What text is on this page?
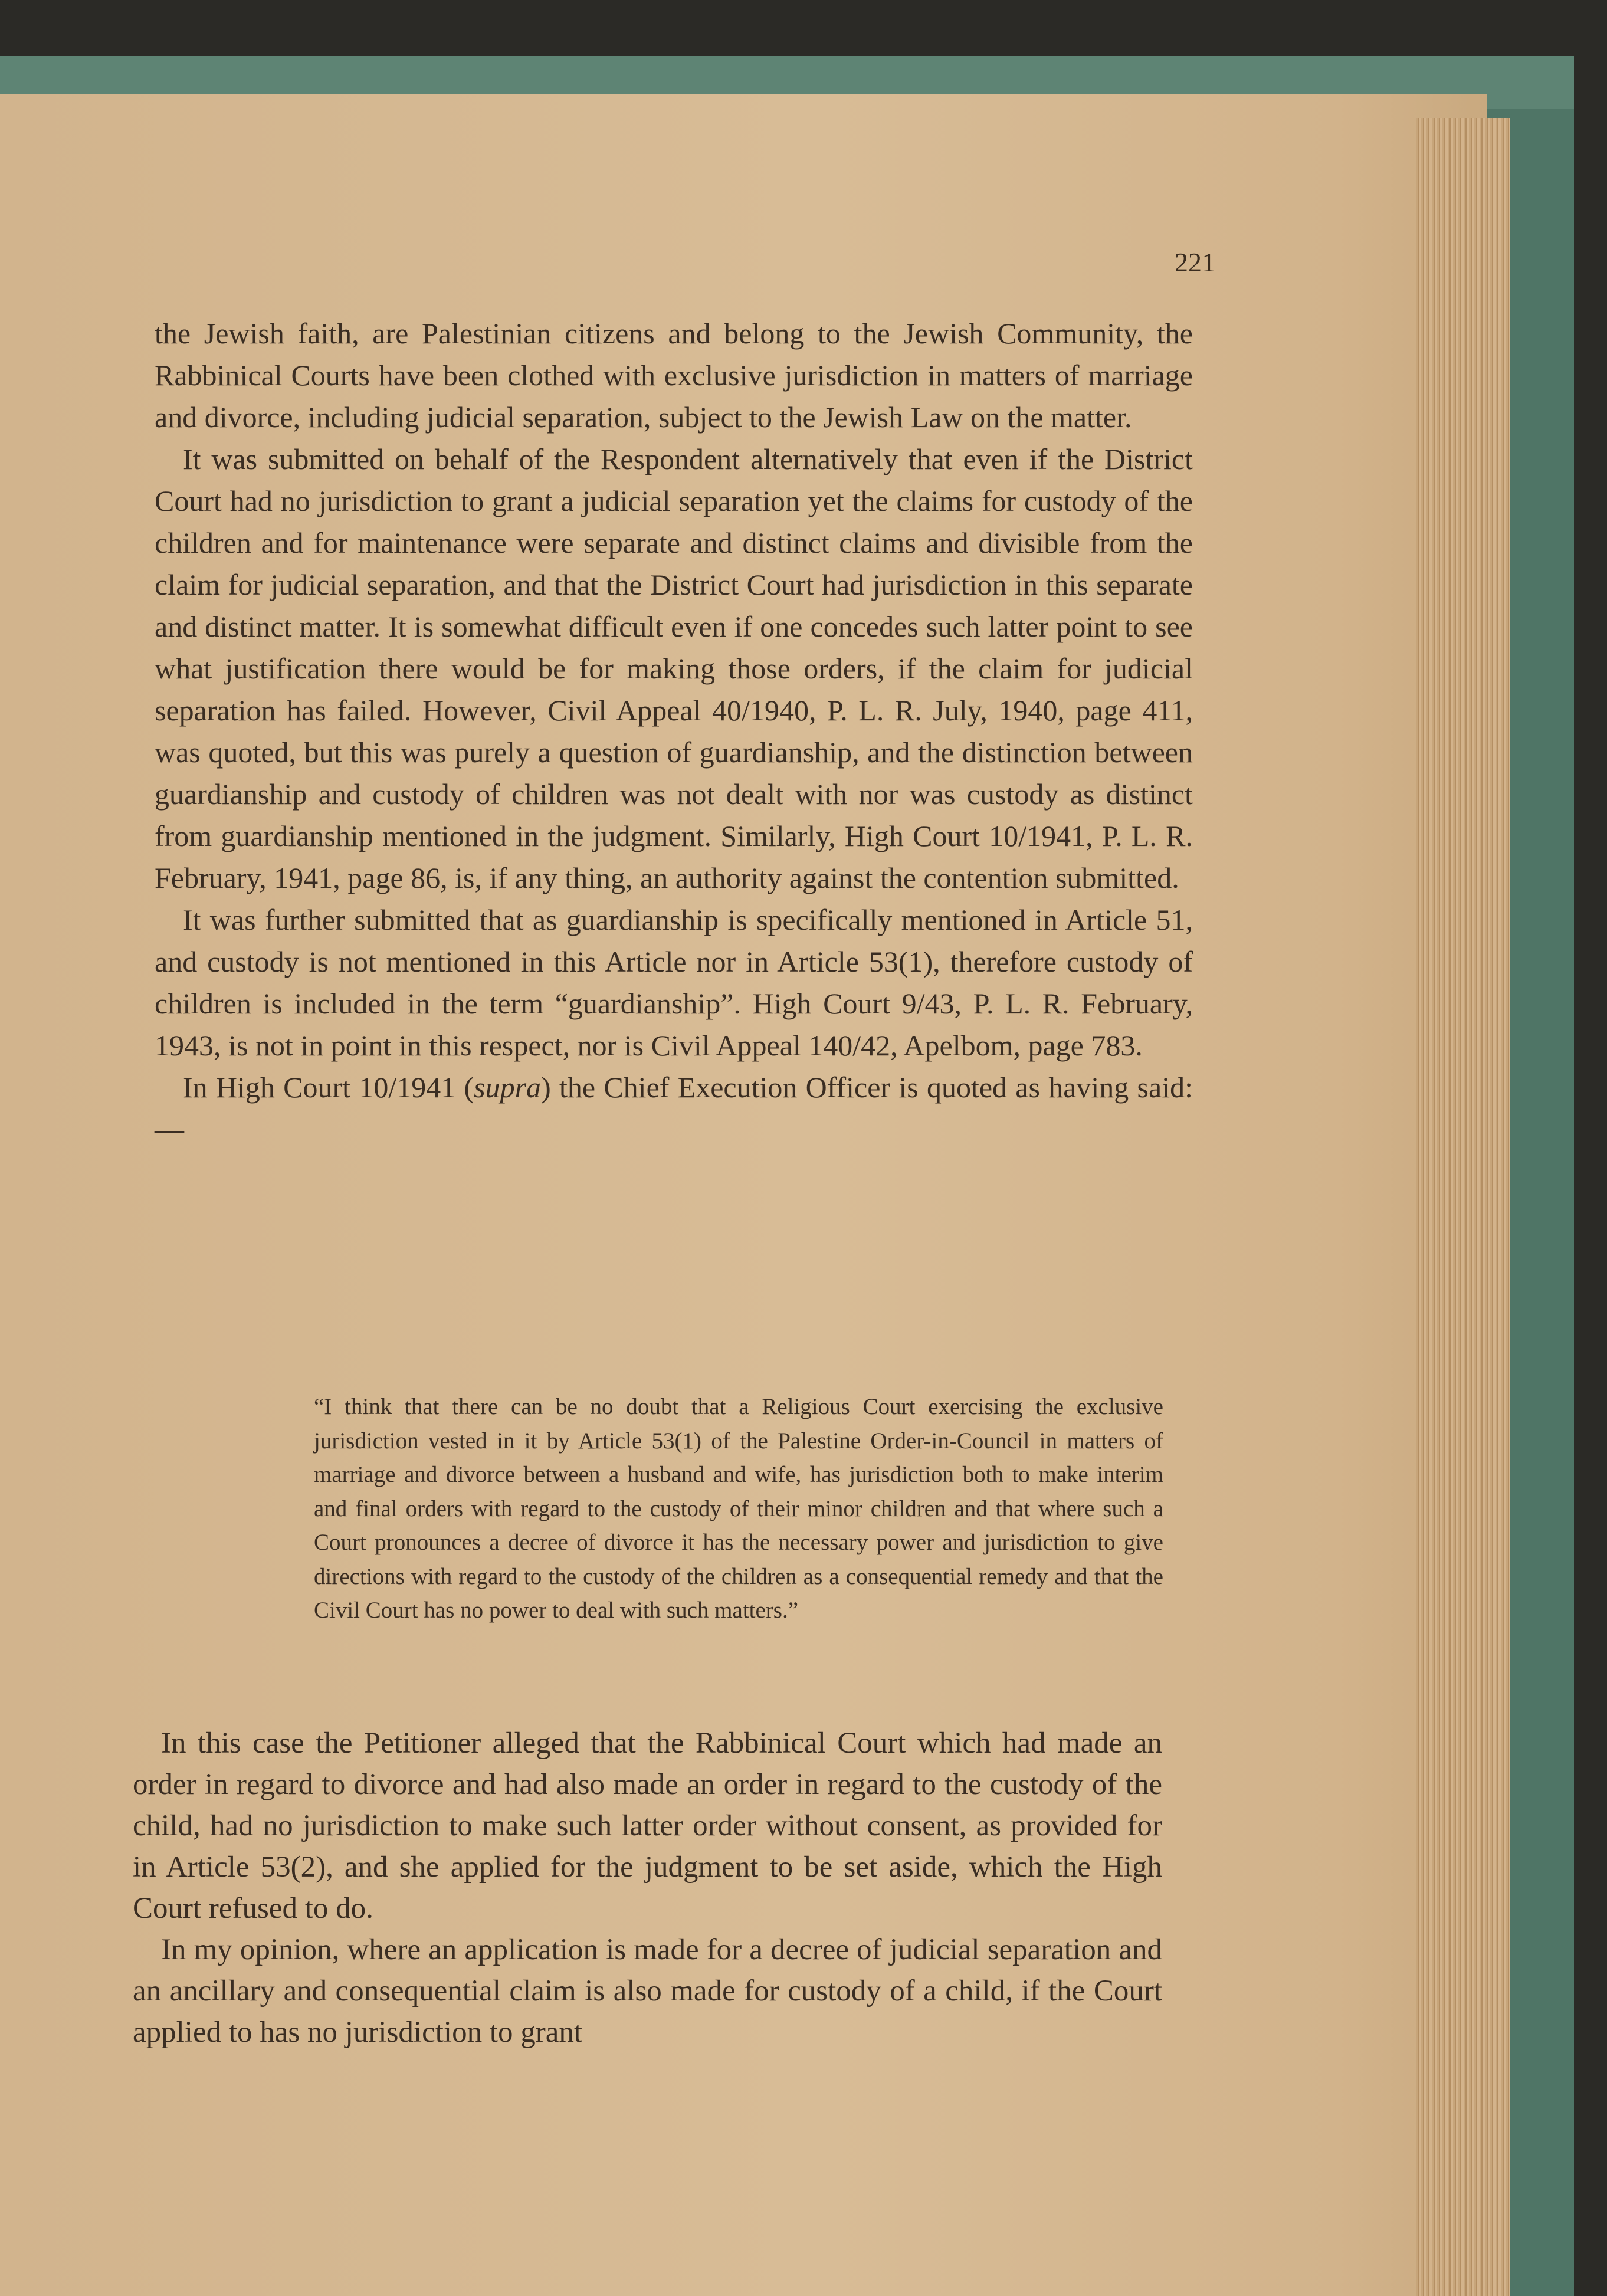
221

the Jewish faith, are Palestinian citizens and belong to the Jewish Community, the Rabbinical Courts have been clothed with exclusive jurisdiction in matters of marriage and divorce, including judicial separation, subject to the Jewish Law on the matter.

It was submitted on behalf of the Respondent alternatively that even if the District Court had no jurisdiction to grant a judicial separation yet the claims for custody of the children and for maintenance were separate and distinct claims and divisible from the claim for judicial separation, and that the District Court had jurisdiction in this separate and distinct matter. It is somewhat difficult even if one concedes such latter point to see what justification there would be for making those orders, if the claim for judicial separation has failed. However, Civil Appeal 40/1940, P. L. R. July, 1940, page 411, was quoted, but this was purely a question of guardianship, and the distinction between guardianship and custody of children was not dealt with nor was custody as distinct from guardianship mentioned in the judgment. Similarly, High Court 10/1941, P. L. R. February, 1941, page 86, is, if any thing, an authority against the contention submitted.

It was further submitted that as guardianship is specifically mentioned in Article 51, and custody is not mentioned in this Article nor in Article 53(1), therefore custody of children is included in the term “guardianship”. High Court 9/43, P. L. R. February, 1943, is not in point in this respect, nor is Civil Appeal 140/42, Apelbom, page 783.

In High Court 10/1941 (supra) the Chief Execution Officer is quoted as having said:—

“I think that there can be no doubt that a Religious Court exercising the exclusive jurisdiction vested in it by Article 53(1) of the Palestine Order-in-Council in matters of marriage and divorce between a husband and wife, has jurisdiction both to make interim and final orders with regard to the custody of their minor children and that where such a Court pronounces a decree of divorce it has the necessary power and jurisdiction to give directions with regard to the custody of the children as a consequential remedy and that the Civil Court has no power to deal with such matters.”

In this case the Petitioner alleged that the Rabbinical Court which had made an order in regard to divorce and had also made an order in regard to the custody of the child, had no jurisdiction to make such latter order without consent, as provided for in Article 53(2), and she applied for the judgment to be set aside, which the High Court refused to do.

In my opinion, where an application is made for a decree of judicial separation and an ancillary and consequential claim is also made for custody of a child, if the Court applied to has no jurisdiction to grant
